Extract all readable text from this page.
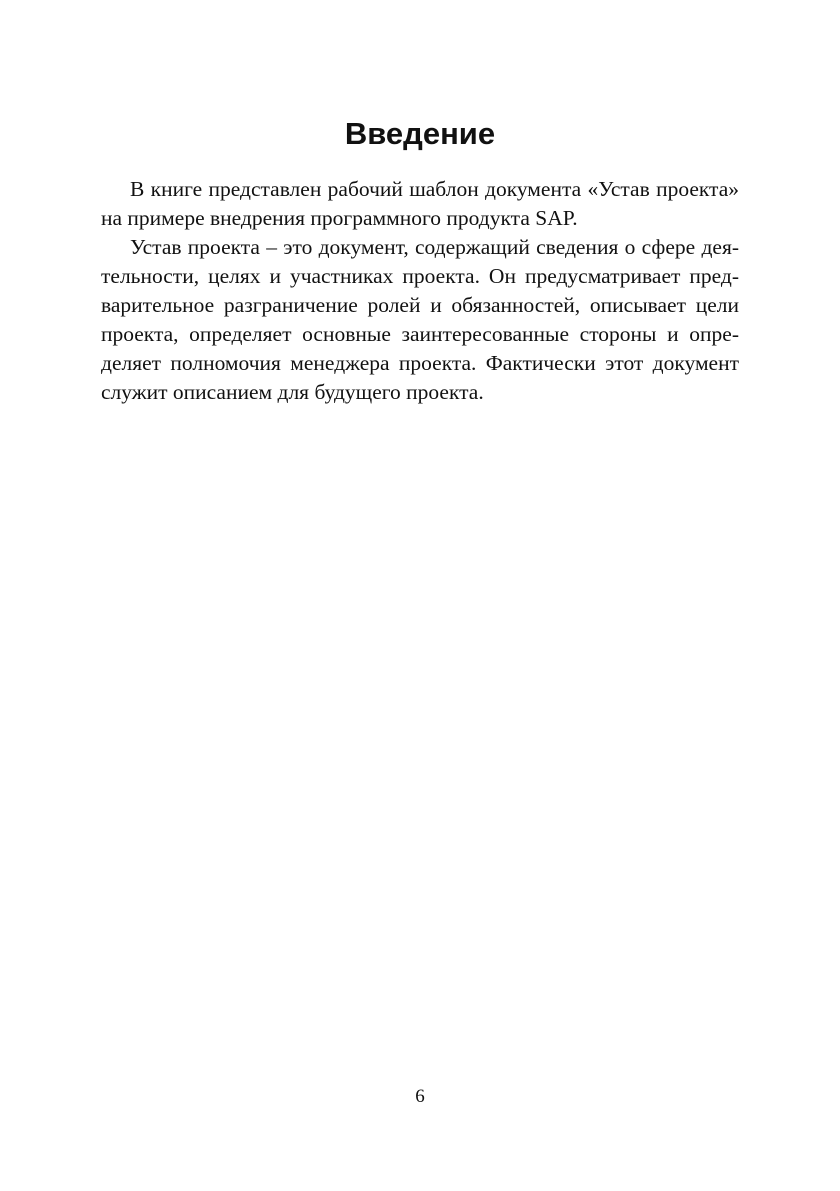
Введение
В книге представлен рабочий шаблон документа «Устав проекта»
на примере внедрения программного продукта SAP.
Устав проекта – это документ, содержащий сведения о сфере дея-
тельности, целях и участниках проекта. Он предусматривает пред-
варительное разграничение ролей и обязанностей, описывает цели
проекта, определяет основные заинтересованные стороны и опре-
деляет полномочия менеджера проекта. Фактически этот документ
служит описанием для будущего проекта.
6
